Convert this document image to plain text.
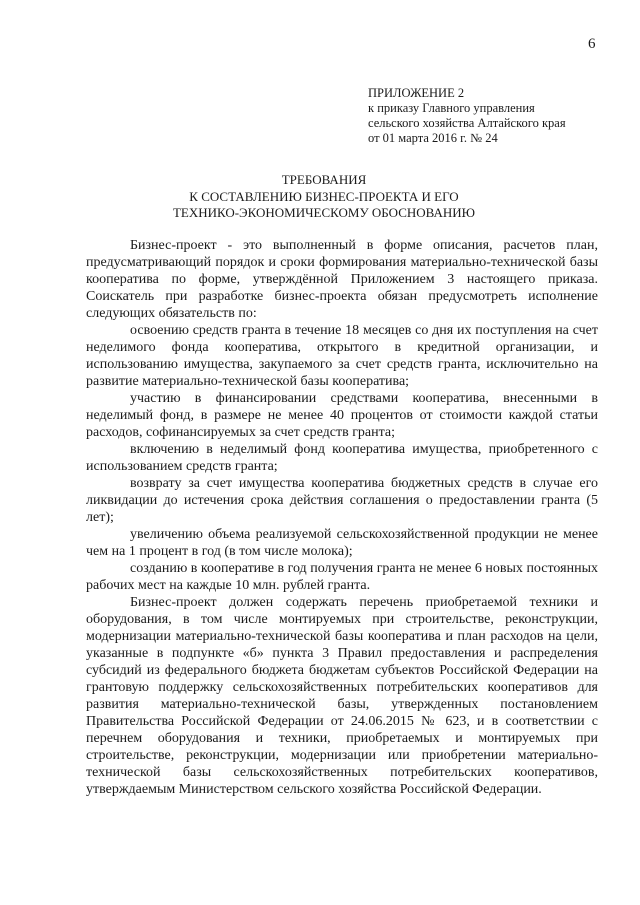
6
ПРИЛОЖЕНИЕ 2
к приказу Главного управления
сельского хозяйства Алтайского края
от 01 марта 2016 г. № 24
ТРЕБОВАНИЯ
К СОСТАВЛЕНИЮ БИЗНЕС-ПРОЕКТА И ЕГО
ТЕХНИКО-ЭКОНОМИЧЕСКОМУ ОБОСНОВАНИЮ

Бизнес-проект - это выполненный в форме описания, расчетов план, предусматривающий порядок и сроки формирования материально-технической базы кооператива по форме, утверждённой Приложением 3 настоящего приказа. Соискатель при разработке бизнес-проекта обязан предусмотреть исполнение следующих обязательств по:

освоению средств гранта в течение 18 месяцев со дня их поступления на счет неделимого фонда кооператива, открытого в кредитной организации, и использованию имущества, закупаемого за счет средств гранта, исключительно на развитие материально-технической базы кооператива;

участию в финансировании средствами кооператива, внесенными в неделимый фонд, в размере не менее 40 процентов от стоимости каждой статьи расходов, софинансируемых за счет средств гранта;

включению в неделимый фонд кооператива имущества, приобретенного с использованием средств гранта;

возврату за счет имущества кооператива бюджетных средств в случае его ликвидации до истечения срока действия соглашения о предоставлении гранта (5 лет);

увеличению объема реализуемой сельскохозяйственной продукции не менее чем на 1 процент в год (в том числе молока);

созданию в кооперативе в год получения гранта не менее 6 новых постоянных рабочих мест на каждые 10 млн. рублей гранта.

Бизнес-проект должен содержать перечень приобретаемой техники и оборудования, в том числе монтируемых при строительстве, реконструкции, модернизации материально-технической базы кооператива и план расходов на цели, указанные в подпункте «б» пункта 3 Правил предоставления и распределения субсидий из федерального бюджета бюджетам субъектов Российской Федерации на грантовую поддержку сельскохозяйственных потребительских кооперативов для развития материально-технической базы, утвержденных постановлением Правительства Российской Федерации от 24.06.2015 № 623, и в соответствии с перечнем оборудования и техники, приобретаемых и монтируемых при строительстве, реконструкции, модернизации или приобретении материально-технической базы сельскохозяйственных потребительских кооперативов, утверждаемым Министерством сельского хозяйства Российской Федерации.
